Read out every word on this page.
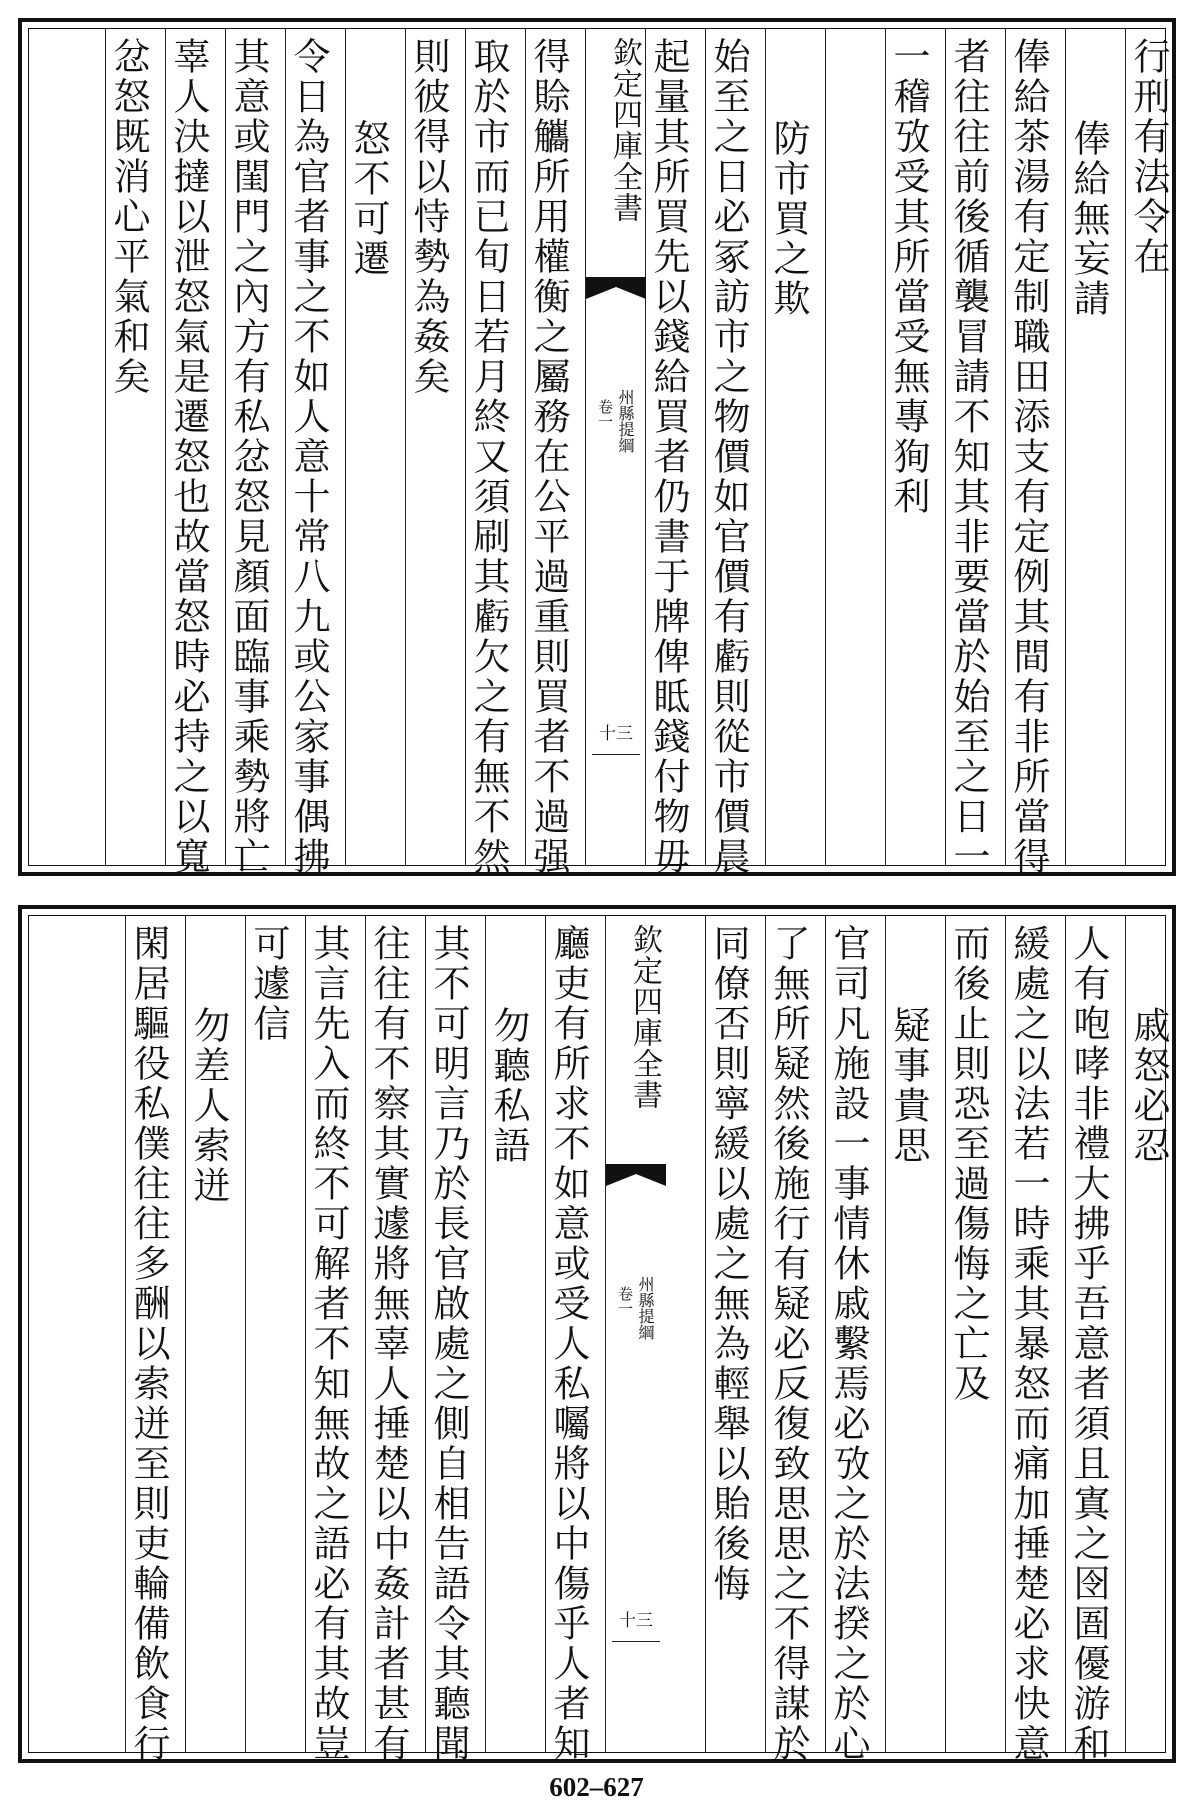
行刑有法令在
俸給無妄請
俸給茶湯有定制職田添支有定例其間有非所當得
者往往前後循襲冒請不知其非要當於始至之日一
一稽攷受其所當受無專狥利
防市買之欺
始至之日必冢訪市之物價如官價有虧則從市價晨
起量其所買先以錢給買者仍書于牌俾眡錢付物毋
欽定四庫全書
州縣提綱
卷一
十三
得賒觿所用權衡之屬務在公平過重則買者不過强
取於市而已旬日若月終又須刷其虧欠之有無不然
則彼得以恃勢為姦矣
怒不可遷
令日為官者事之不如人意十常八九或公家事偶拂
其意或閨門之內方有私忿怒見顏面臨事乘勢將亡
辜人決撻以泄怒氣是遷怒也故當怒時必持之以寬
忿怒既消心平氣和矣
戚怒必忍
人有咆哮非禮大拂乎吾意者須且寘之囹圄優游和
緩處之以法若一時乘其暴怒而痛加捶楚必求快意
而後止則恐至過傷悔之亡及
疑事貴思
官司凡施設一事情休戚繫焉必攷之於法揆之於心
了無所疑然後施行有疑必反復致思思之不得謀於
同僚否則寧緩以處之無為輕舉以貽後悔
欽定四庫全書
州縣提綱
卷一
十三
廳吏有所求不如意或受人私囑將以中傷乎人者知
勿聽私語
其不可明言乃於長官啟處之側自相告語令其聽聞
往往有不察其實遽將無辜人捶楚以中姦計者甚有
其言先入而終不可解者不知無故之語必有其故豈
可遽信
勿差人索迸
閑居驅役私僕往往多酬以索迸至則吏輪備飲食行
602–627
